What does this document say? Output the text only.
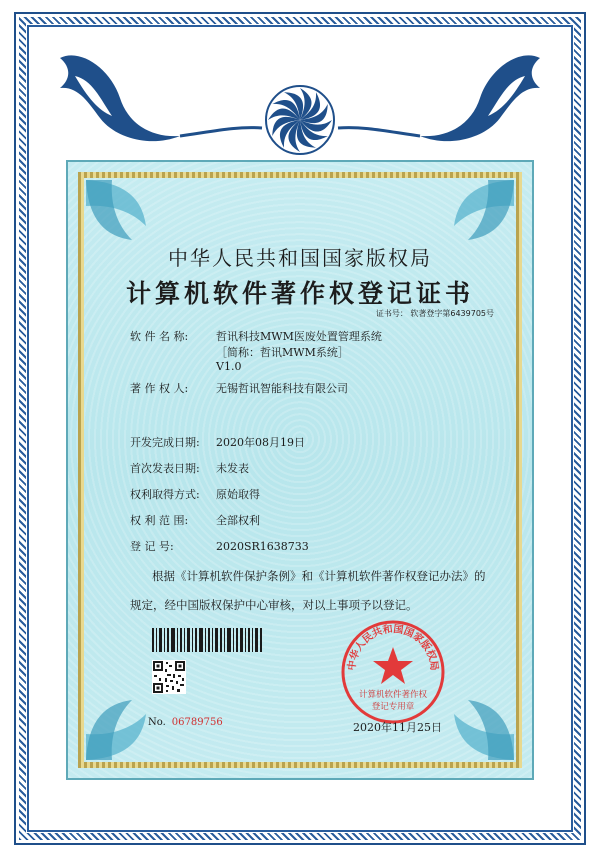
中华人民共和国国家版权局
计算机软件著作权登记证书
证书号： 软著登字第6439705号
软 件 名 称:	哲讯科技MWM医废处置管理系统
［简称：哲讯MWM系统］
V1.0
著 作 权 人:	无锡哲讯智能科技有限公司
开发完成日期: 2020年08月19日
首次发表日期: 未发表
权利取得方式: 原始取得
权 利 范 围:	全部权利
登 记 号:	2020SR1638733
根据《计算机软件保护条例》和《计算机软件著作权登记办法》的
规定，经中国版权保护中心审核，对以上事项予以登记。
No. 06789756
中华人民共和国国家版权局
计算机软件著作权
登记专用章
2020年11月25日
